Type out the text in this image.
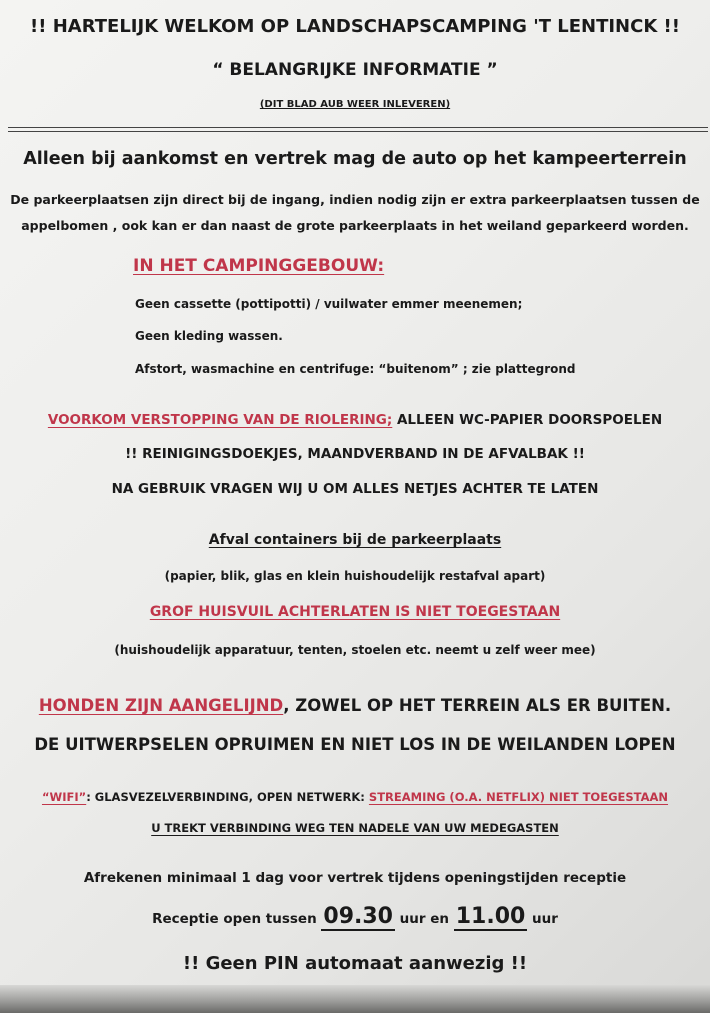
!! HARTELIJK WELKOM OP LANDSCHAPSCAMPING 'T LENTINCK !!
“ BELANGRIJKE INFORMATIE ”
(DIT BLAD AUB WEER INLEVEREN)
Alleen bij aankomst en vertrek mag de auto op het kampeerterrein
De parkeerplaatsen zijn direct bij de ingang, indien nodig zijn er extra parkeerplaatsen tussen de
appelbomen , ook kan er dan naast de grote parkeerplaats in het weiland geparkeerd worden.
IN HET CAMPINGGEBOUW:
Geen cassette (pottipotti) / vuilwater emmer meenemen;
Geen kleding wassen.
Afstort, wasmachine en centrifuge: “buitenom” ; zie plattegrond
VOORKOM VERSTOPPING VAN DE RIOLERING; ALLEEN WC-PAPIER DOORSPOELEN
!! REINIGINGSDOEKJES, MAANDVERBAND IN DE AFVALBAK !!
NA GEBRUIK VRAGEN WIJ U OM ALLES NETJES ACHTER TE LATEN
Afval containers bij de parkeerplaats
(papier, blik, glas en klein huishoudelijk restafval apart)
GROF HUISVUIL ACHTERLATEN IS NIET TOEGESTAAN
(huishoudelijk apparatuur, tenten, stoelen etc. neemt u zelf weer mee)
HONDEN ZIJN AANGELIJND, ZOWEL OP HET TERREIN ALS ER BUITEN.
DE UITWERPSELEN OPRUIMEN EN NIET LOS IN DE WEILANDEN LOPEN
“WIFI”: GLASVEZELVERBINDING, OPEN NETWERK: STREAMING (O.A. NETFLIX) NIET TOEGESTAAN
U TREKT VERBINDING WEG TEN NADELE VAN UW MEDEGASTEN
Afrekenen minimaal 1 dag voor vertrek tijdens openingstijden receptie
Receptie open tussen 09.30 uur en 11.00 uur
!! Geen PIN automaat aanwezig !!
